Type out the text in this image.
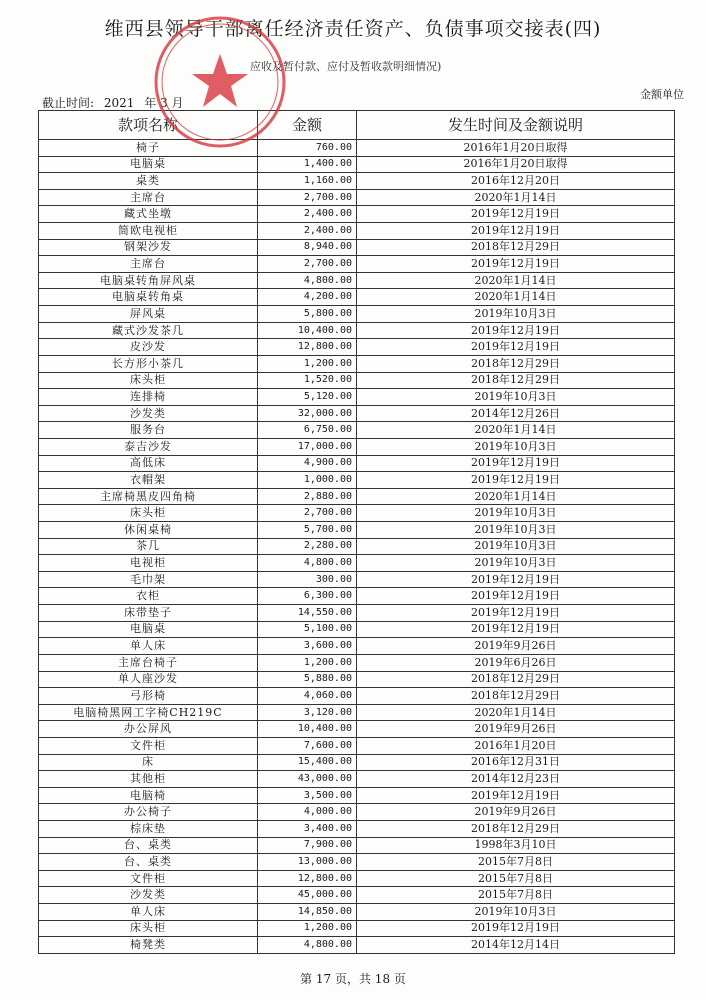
维西县领导干部离任经济责任资产、负债事项交接表(四)
应收及暂付款、应付及暂收款明细情况)
截止时间: 2021 年 3 月
金额单位
款项名称	金额	发生时间及金额说明
椅子	760.00	2016年1月20日取得
电脑桌	1,400.00	2016年1月20日取得
桌类	1,160.00	2016年12月20日
主席台	2,700.00	2020年1月14日
藏式坐墩	2,400.00	2019年12月19日
简欧电视柜	2,400.00	2019年12月19日
钢架沙发	8,940.00	2018年12月29日
主席台	2,700.00	2019年12月19日
电脑桌转角屏风桌	4,800.00	2020年1月14日
电脑桌转角桌	4,200.00	2020年1月14日
屏风桌	5,800.00	2019年10月3日
藏式沙发茶几	10,400.00	2019年12月19日
皮沙发	12,800.00	2019年12月19日
长方形小茶几	1,200.00	2018年12月29日
床头柜	1,520.00	2018年12月29日
连排椅	5,120.00	2019年10月3日
沙发类	32,000.00	2014年12月26日
服务台	6,750.00	2020年1月14日
泰吉沙发	17,000.00	2019年10月3日
高低床	4,900.00	2019年12月19日
衣帽架	1,000.00	2019年12月19日
主席椅黑皮四角椅	2,880.00	2020年1月14日
床头柜	2,700.00	2019年10月3日
休闲桌椅	5,700.00	2019年10月3日
茶几	2,280.00	2019年10月3日
电视柜	4,800.00	2019年10月3日
毛巾架	300.00	2019年12月19日
衣柜	6,300.00	2019年12月19日
床带垫子	14,550.00	2019年12月19日
电脑桌	5,100.00	2019年12月19日
单人床	3,600.00	2019年9月26日
主席台椅子	1,200.00	2019年6月26日
单人座沙发	5,880.00	2018年12月29日
弓形椅	4,060.00	2018年12月29日
电脑椅黑网工字椅CH219C	3,120.00	2020年1月14日
办公屏风	10,400.00	2019年9月26日
文件柜	7,600.00	2016年1月20日
床	15,400.00	2016年12月31日
其他柜	43,000.00	2014年12月23日
电脑椅	3,500.00	2019年12月19日
办公椅子	4,000.00	2019年9月26日
棕床垫	3,400.00	2018年12月29日
台、桌类	7,900.00	1998年3月10日
台、桌类	13,000.00	2015年7月8日
文件柜	12,800.00	2015年7月8日
沙发类	45,000.00	2015年7月8日
单人床	14,850.00	2019年10月3日
床头柜	1,200.00	2019年12月19日
椅凳类	4,800.00	2014年12月14日
第 17 页，共 18 页
